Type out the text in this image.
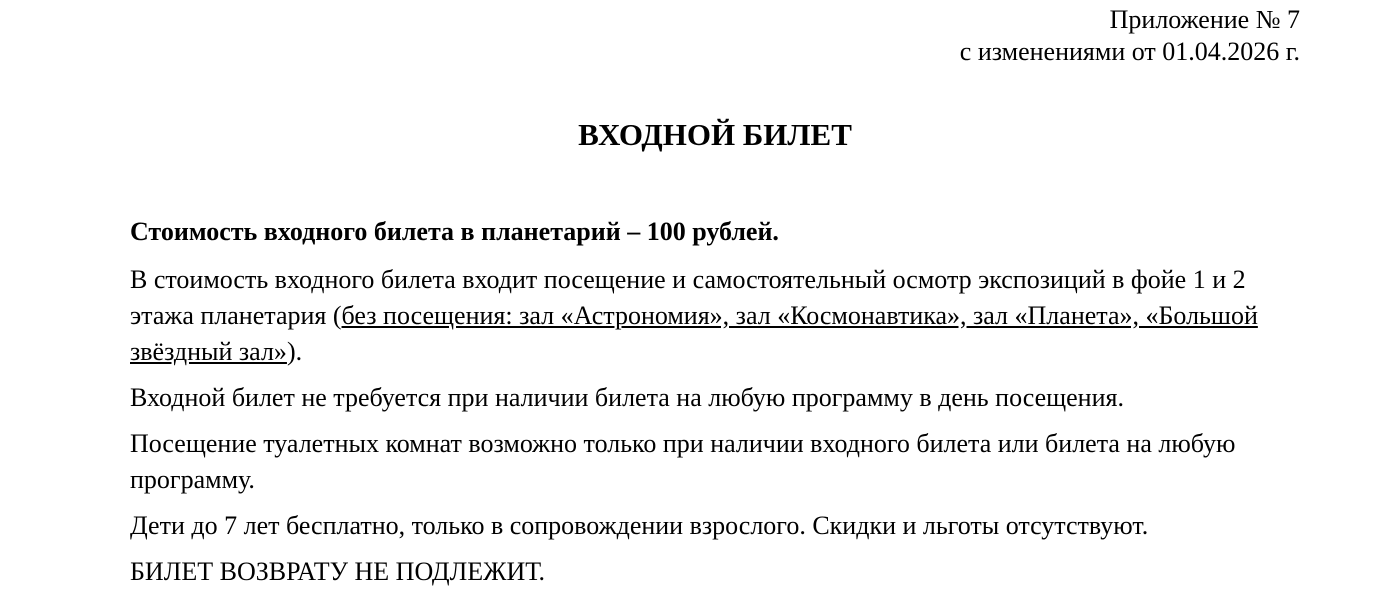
Приложение № 7
с изменениями от 01.04.2026 г.
ВХОДНОЙ БИЛЕТ

Стоимость входного билета в планетарий – 100 рублей.

В стоимость входного билета входит посещение и самостоятельный осмотр экспозиций в фойе 1 и 2 этажа планетария (без посещения: зал «Астрономия», зал «Космонавтика», зал «Планета», «Большой звёздный зал»).

Входной билет не требуется при наличии билета на любую программу в день посещения.

Посещение туалетных комнат возможно только при наличии входного билета или билета на любую программу.

Дети до 7 лет бесплатно, только в сопровождении взрослого. Скидки и льготы отсутствуют.

БИЛЕТ ВОЗВРАТУ НЕ ПОДЛЕЖИТ.
